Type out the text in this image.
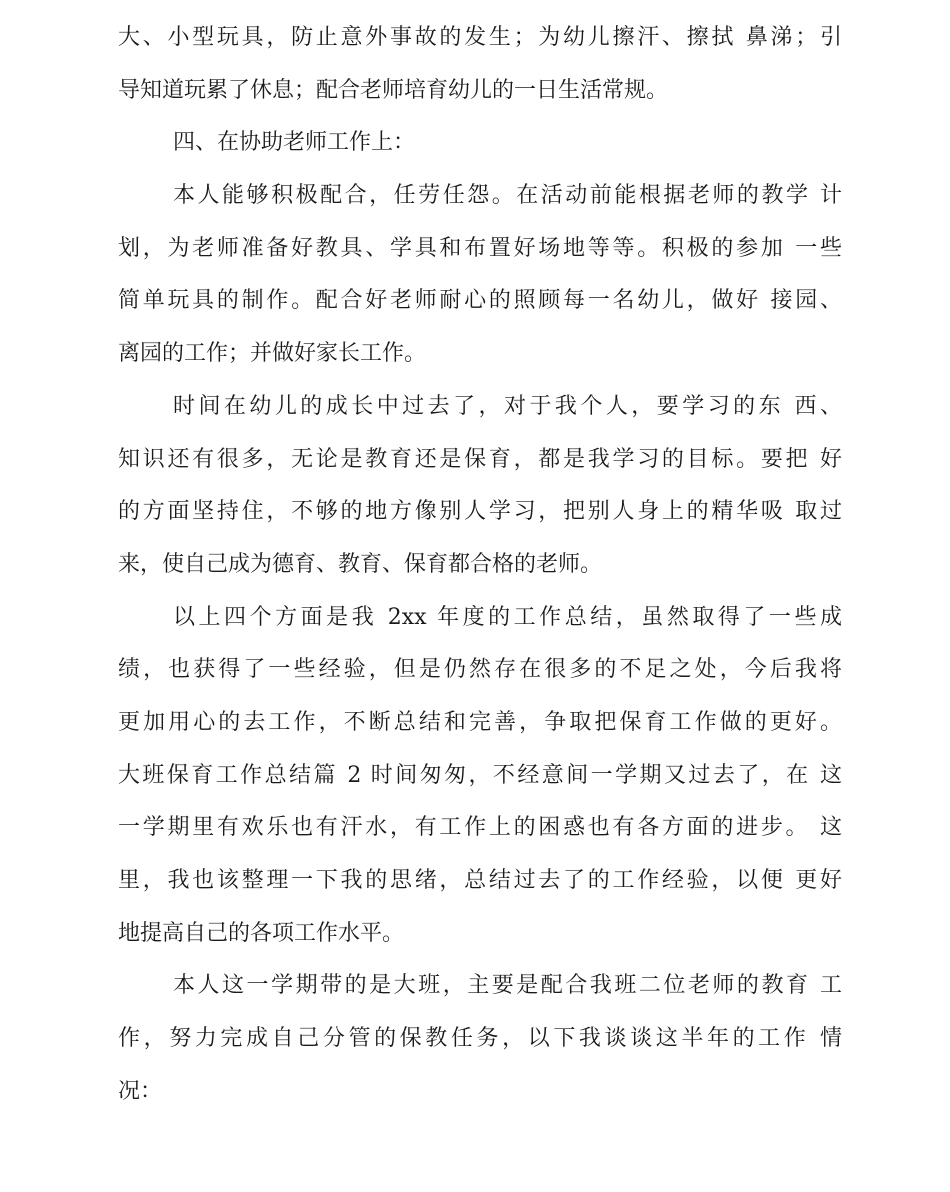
大、小型玩具，防止意外事故的发生；为幼儿擦汗、擦拭 鼻涕；引
导知道玩累了休息；配合老师培育幼儿的一日生活常规。
四、在协助老师工作上：
本人能够积极配合，任劳任怨。在活动前能根据老师的教学 计
划，为老师准备好教具、学具和布置好场地等等。积极的参加 一些
简单玩具的制作。配合好老师耐心的照顾每一名幼儿，做好 接园、
离园的工作；并做好家长工作。
时间在幼儿的成长中过去了，对于我个人，要学习的东 西、
知识还有很多，无论是教育还是保育，都是我学习的目标。要把 好
的方面坚持住，不够的地方像别人学习，把别人身上的精华吸 取过
来，使自己成为德育、教育、保育都合格的老师。
以上四个方面是我 2xx 年度的工作总结，虽然取得了一些成
绩，也获得了一些经验，但是仍然存在很多的不足之处，今后我将
更加用心的去工作，不断总结和完善，争取把保育工作做的更好。
大班保育工作总结篇 2 时间匆匆，不经意间一学期又过去了，在 这
一学期里有欢乐也有汗水，有工作上的困惑也有各方面的进步。 这
里，我也该整理一下我的思绪，总结过去了的工作经验，以便 更好
地提高自己的各项工作水平。
本人这一学期带的是大班，主要是配合我班二位老师的教育 工
作，努力完成自己分管的保教任务，以下我谈谈这半年的工作 情
况：
